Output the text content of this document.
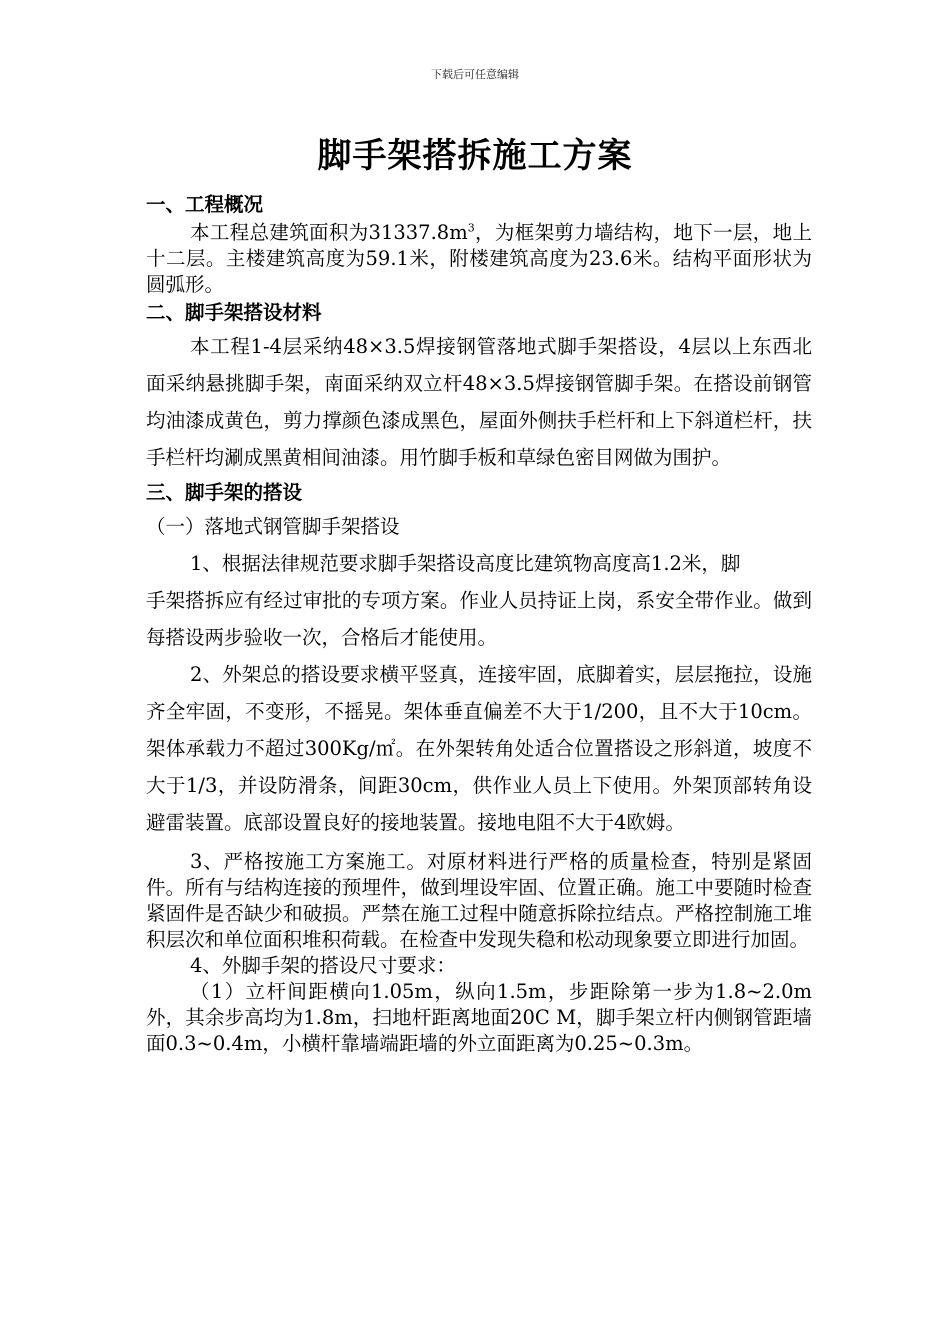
下载后可任意编辑
脚手架搭拆施工方案

一、工程概况

本工程总建筑面积为$31337.8m^3$，为框架剪力墙结构，地下一层，地上十二层。主楼建筑高度为59.1米，附楼建筑高度为23.6米。结构平面形状为圆弧形。

二、脚手架搭设材料

本工程1-4层采纳48×3.5焊接钢管落地式脚手架搭设，4层以上东西北面采纳悬挑脚手架，南面采纳双立杆48×3.5焊接钢管脚手架。在搭设前钢管均油漆成黄色，剪力撑颜色漆成黑色，屋面外侧扶手栏杆和上下斜道栏杆，扶手栏杆均涮成黑黄相间油漆。用竹脚手板和草绿色密目网做为围护。

三、脚手架的搭设

（一）落地式钢管脚手架搭设

1、根据法律规范要求脚手架搭设高度比建筑物高度高1.2米，脚

手架搭拆应有经过审批的专项方案。作业人员持证上岗，系安全带作业。做到每搭设两步验收一次，合格后才能使用。

2、外架总的搭设要求横平竖真，连接牢固，底脚着实，层层拖拉，设施齐全牢固，不变形，不摇晃。架体垂直偏差不大于1/200，且不大于10cm。架体承载力不超过300Kg/㎡。在外架转角处适合位置搭设之形斜道，坡度不大于1/3，并设防滑条，间距30cm，供作业人员上下使用。外架顶部转角设避雷装置。底部设置良好的接地装置。接地电阻不大于4欧姆。

3、严格按施工方案施工。对原材料进行严格的质量检查，特别是紧固件。所有与结构连接的预埋件，做到埋设牢固、位置正确。施工中要随时检查紧固件是否缺少和破损。严禁在施工过程中随意拆除拉结点。严格控制施工堆积层次和单位面积堆积荷载。在检查中发现失稳和松动现象要立即进行加固。

4、外脚手架的搭设尺寸要求：

（1）立杆间距横向1.05m，纵向1.5m，步距除第一步为1.8~2.0m外，其余步高均为1.8m，扫地杆距离地面20C M，脚手架立杆内侧钢管距墙面0.3~0.4m，小横杆靠墙端距墙的外立面距离为0.25~0.3m。
